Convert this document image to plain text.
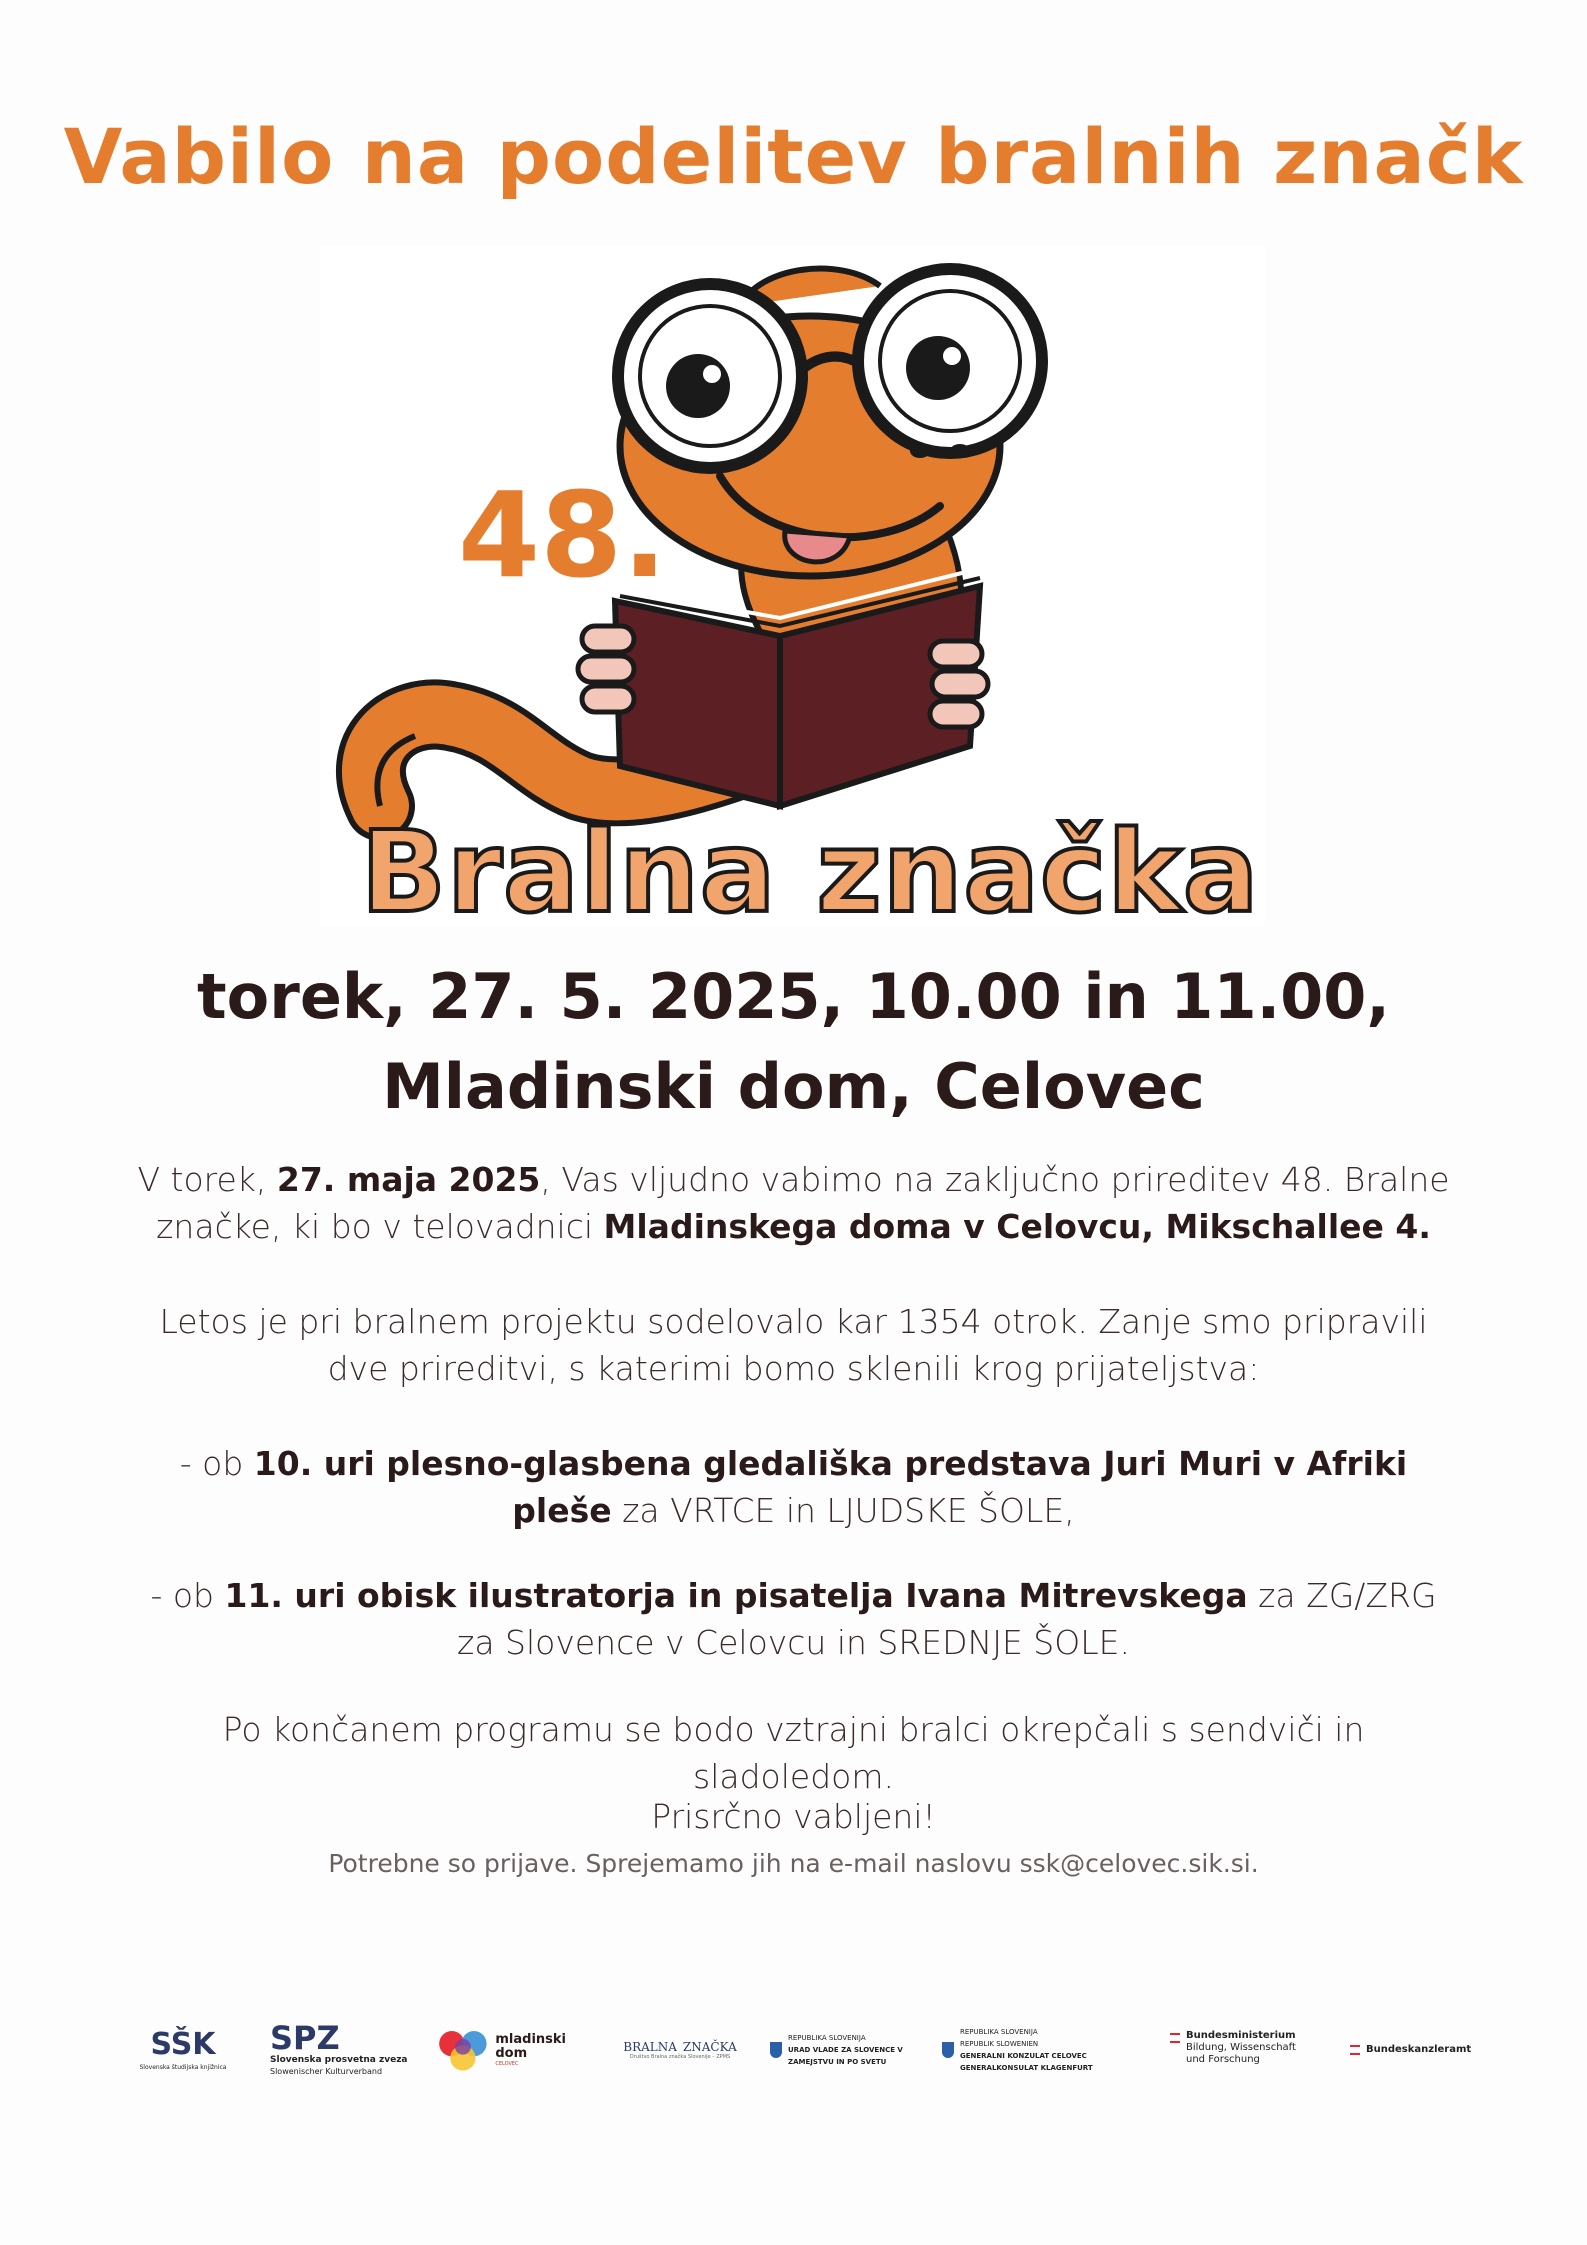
Vabilo na podelitev bralnih značk
48.
Bralna značka
torek, 27. 5. 2025, 10.00 in 11.00,
Mladinski dom, Celovec
V torek, 27. maja 2025, Vas vljudno vabimo na zaključno prireditev 48. Bralne značke, ki bo v telovadnici Mladinskega doma v Celovcu, Mikschallee 4.
Letos je pri bralnem projektu sodelovalo kar 1354 otrok. Zanje smo pripravili dve prireditvi, s katerimi bomo sklenili krog prijateljstva:
- ob 10. uri plesno-glasbena gledališka predstava Juri Muri v Afriki pleše za VRTCE in LJUDSKE ŠOLE,
- ob 11. uri obisk ilustratorja in pisatelja Ivana Mitrevskega za ZG/ZRG za Slovence v Celovcu in SREDNJE ŠOLE.
Po končanem programu se bodo vztrajni bralci okrepčali s sendviči in sladoledom.
Prisrčno vabljeni!
Potrebne so prijave. Sprejemamo jih na e-mail naslovu ssk@celovec.sik.si.
SŠK
Slovenska študijska knjižnica
SPZ
Slovenska prosvetna zveza
Slowenischer Kulturverband
mladinski
dom
CELOVEC
BRALNA ZNAČKA
Društvo Bralna značka Slovenije – ZPMS
REPUBLIKA SLOVENIJA
URAD VLADE ZA SLOVENCE V
ZAMEJSTVU IN PO SVETU
REPUBLIKA SLOVENIJA
REPUBLIK SLOWENIEN
GENERALNI KONZULAT CELOVEC
GENERALKONSULAT KLAGENFURT
Bundesministerium
Bildung, Wissenschaft
und Forschung
Bundeskanzleramt
